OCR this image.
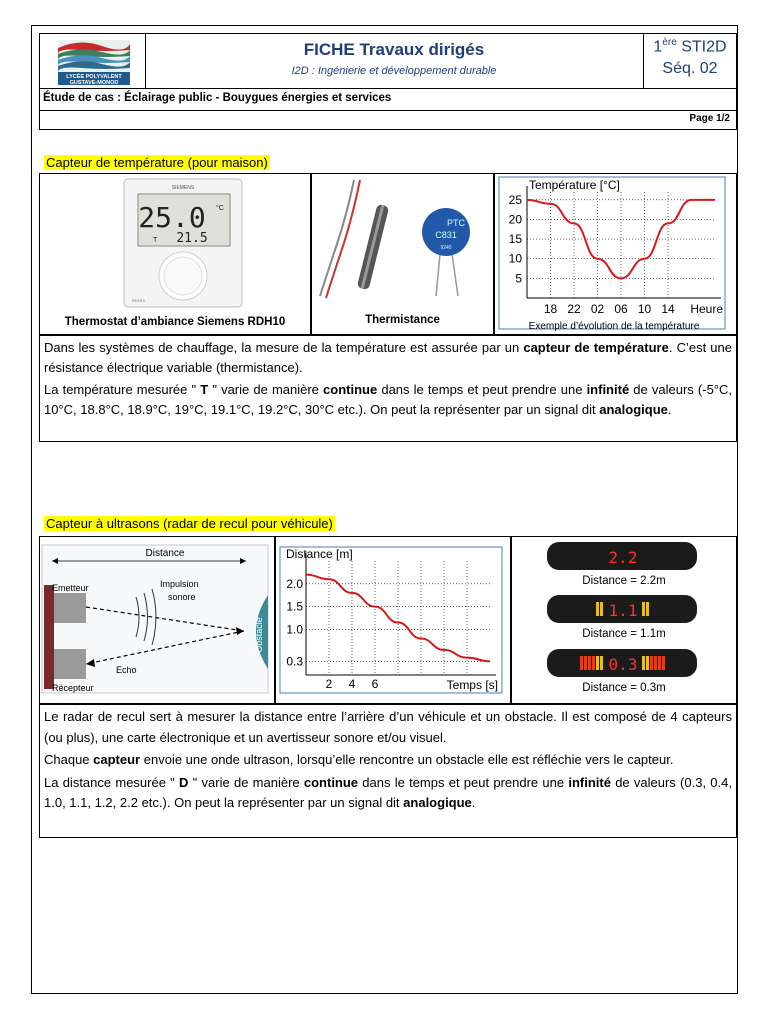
LYCÉE POLYVALENT
GUSTAVE-MONOD
FICHE Travaux dirigés
I2D : Ingénierie et développement durable
1ère STI2D
Séq. 02
Étude de cas : Éclairage public - Bouygues énergies et services
Page 1/2
Capteur de température (pour maison)
SIEMENS
25.0 °C
T 21.5
RDH10
Thermostat d’ambiance Siemens RDH10
PTC
C831
9240
Thermistance
5
10
15
20
25
18 22 02 06 10 14
Température [°C]
Heure
Exemple d’évolution de la température

Dans les systèmes de chauffage, la mesure de la température est assurée par un capteur de température. C’est une résistance électrique variable (thermistance).

La température mesurée " T " varie de manière continue dans le temps et peut prendre une infinité de valeurs (-5°C, 10°C, 18.8°C, 18.9°C, 19°C, 19.1°C, 19.2°C, 30°C etc.). On peut la représenter par un signal dit analogique.

Capteur à ultrasons (radar de recul pour véhicule)
Distance
Obstacle
Emetteur	Impulsion
sonore
Echo
Récepteur
0.3
1.0
1.5
2.0
2 4 6
Distance [m]
Temps [s]
2.2
Distance = 2.2m
1.1
Distance = 1.1m
0.3
Distance = 0.3m

Le radar de recul sert à mesurer la distance entre l’arrière d’un véhicule et un obstacle. Il est composé de 4 capteurs (ou plus), une carte électronique et un avertisseur sonore et/ou visuel.

Chaque capteur envoie une onde ultrason, lorsqu’elle rencontre un obstacle elle est réfléchie vers le capteur.

La distance mesurée " D " varie de manière continue dans le temps et peut prendre une infinité de valeurs (0.3, 0.4, 1.0, 1.1, 1.2, 2.2 etc.). On peut la représenter par un signal dit analogique.
